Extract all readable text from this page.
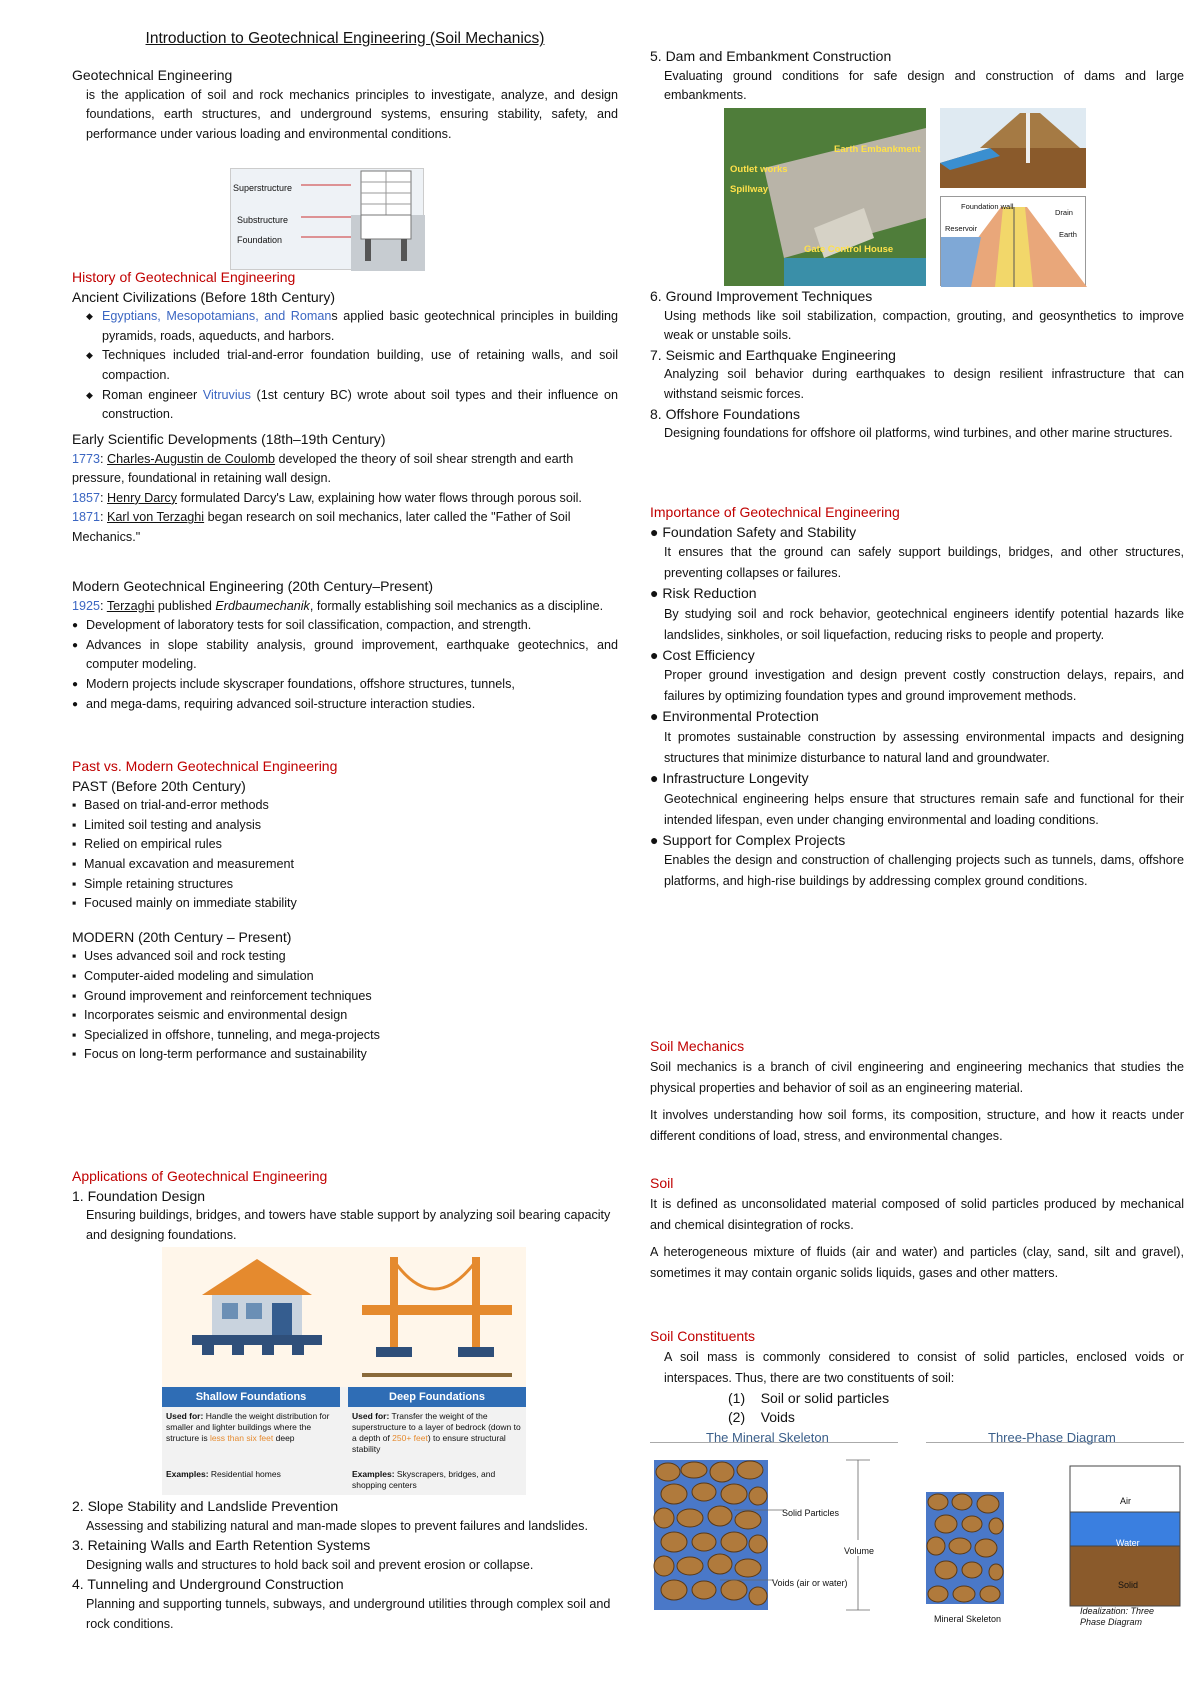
Introduction to Geotechnical Engineering (Soil Mechanics)
Geotechnical Engineering
is the application of soil and rock mechanics principles to investigate, analyze, and design foundations, earth structures, and underground systems, ensuring stability, safety, and performance under various loading and environmental conditions.
Superstructure
Substructure
Foundation
History of Geotechnical Engineering
Ancient Civilizations (Before 18th Century)
◆ Egyptians, Mesopotamians, and Romans applied basic geotechnical principles in building pyramids, roads, aqueducts, and harbors.
◆ Techniques included trial-and-error foundation building, use of retaining walls, and soil compaction.
◆ Roman engineer Vitruvius (1st century BC) wrote about soil types and their influence on construction.
Early Scientific Developments (18th–19th Century)
1773: Charles-Augustin de Coulomb developed the theory of soil shear strength and earth pressure, foundational in retaining wall design.
1857: Henry Darcy formulated Darcy's Law, explaining how water flows through porous soil.
1871: Karl von Terzaghi began research on soil mechanics, later called the "Father of Soil Mechanics."
Modern Geotechnical Engineering (20th Century–Present)
1925: Terzaghi published Erdbaumechanik, formally establishing soil mechanics as a discipline.
● Development of laboratory tests for soil classification, compaction, and strength.
● Advances in slope stability analysis, ground improvement, earthquake geotechnics, and computer modeling.
● Modern projects include skyscraper foundations, offshore structures, tunnels,
● and mega-dams, requiring advanced soil-structure interaction studies.
Past vs. Modern Geotechnical Engineering
PAST (Before 20th Century)
▪ Based on trial-and-error methods
▪ Limited soil testing and analysis
▪ Relied on empirical rules
▪ Manual excavation and measurement
▪ Simple retaining structures
▪ Focused mainly on immediate stability
MODERN (20th Century – Present)
▪ Uses advanced soil and rock testing
▪ Computer-aided modeling and simulation
▪ Ground improvement and reinforcement techniques
▪ Incorporates seismic and environmental design
▪ Specialized in offshore, tunneling, and mega-projects
▪ Focus on long-term performance and sustainability
Applications of Geotechnical Engineering
1. Foundation Design
Ensuring buildings, bridges, and towers have stable support by analyzing soil bearing capacity and designing foundations.
Shallow Foundations	Deep Foundations
Used for: Handle the weight distribution for smaller and lighter buildings where the structure is less than six feet deep
Used for: Transfer the weight of the superstructure to a layer of bedrock (down to a depth of 250+ feet) to ensure structural stability
Examples: Residential homes	Examples: Skyscrapers, bridges, and shopping centers
2. Slope Stability and Landslide Prevention
Assessing and stabilizing natural and man-made slopes to prevent failures and landslides.
3. Retaining Walls and Earth Retention Systems
Designing walls and structures to hold back soil and prevent erosion or collapse.
4. Tunneling and Underground Construction
Planning and supporting tunnels, subways, and underground utilities through complex soil and rock conditions.
5. Dam and Embankment Construction
Evaluating ground conditions for safe design and construction of dams and large embankments.
Earth Embankment
Outlet works
Spillway
Gate Control House
Foundation wall
Drain
Reservoir
Earth
6. Ground Improvement Techniques
Using methods like soil stabilization, compaction, grouting, and geosynthetics to improve weak or unstable soils.
7. Seismic and Earthquake Engineering
Analyzing soil behavior during earthquakes to design resilient infrastructure that can withstand seismic forces.
8. Offshore Foundations
Designing foundations for offshore oil platforms, wind turbines, and other marine structures.
Importance of Geotechnical Engineering
● Foundation Safety and Stability
It ensures that the ground can safely support buildings, bridges, and other structures, preventing collapses or failures.
● Risk Reduction
By studying soil and rock behavior, geotechnical engineers identify potential hazards like landslides, sinkholes, or soil liquefaction, reducing risks to people and property.
● Cost Efficiency
Proper ground investigation and design prevent costly construction delays, repairs, and failures by optimizing foundation types and ground improvement methods.
● Environmental Protection
It promotes sustainable construction by assessing environmental impacts and designing structures that minimize disturbance to natural land and groundwater.
● Infrastructure Longevity
Geotechnical engineering helps ensure that structures remain safe and functional for their intended lifespan, even under changing environmental and loading conditions.
● Support for Complex Projects
Enables the design and construction of challenging projects such as tunnels, dams, offshore platforms, and high-rise buildings by addressing complex ground conditions.
Soil Mechanics
Soil mechanics is a branch of civil engineering and engineering mechanics that studies the physical properties and behavior of soil as an engineering material.
It involves understanding how soil forms, its composition, structure, and how it reacts under different conditions of load, stress, and environmental changes.
Soil
It is defined as unconsolidated material composed of solid particles produced by mechanical and chemical disintegration of rocks.
A heterogeneous mixture of fluids (air and water) and particles (clay, sand, silt and gravel), sometimes it may contain organic solids liquids, gases and other matters.
Soil Constituents
A soil mass is commonly considered to consist of solid particles, enclosed voids or interspaces. Thus, there are two constituents of soil:
(1) Soil or solid particles
(2) Voids
The Mineral Skeleton	Three-Phase Diagram
Solid Particles
Volume
Voids (air or water)
Air
Water
Solid
Mineral Skeleton
Idealization: Three Phase Diagram
